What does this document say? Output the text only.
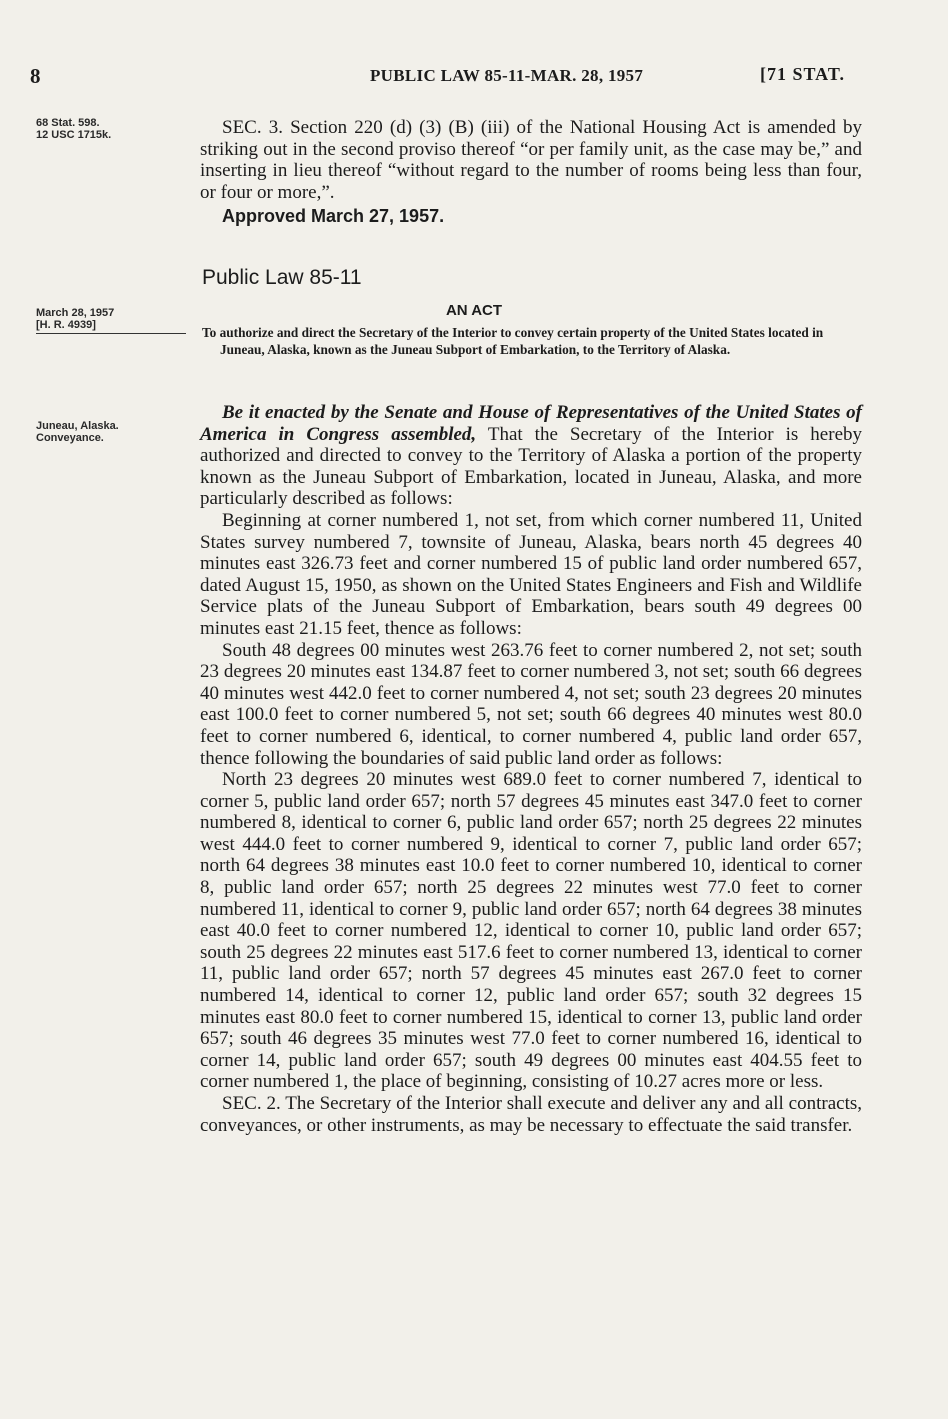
8	PUBLIC LAW 85-11-MAR. 28, 1957	[71 STAT.
68 Stat. 598.
12 USC 1715k.
March 28, 1957
[H. R. 4939]
Juneau, Alaska.
Conveyance.

SEC. 3. Section 220 (d) (3) (B) (iii) of the National Housing Act is amended by striking out in the second proviso thereof “or per family unit, as the case may be,” and inserting in lieu thereof “without regard to the number of rooms being less than four, or four or more,”.

Approved March 27, 1957.
Public Law 85-11
AN ACT
To authorize and direct the Secretary of the Interior to convey certain property of the United States located in Juneau, Alaska, known as the Juneau Subport of Embarkation, to the Territory of Alaska.

Be it enacted by the Senate and House of Representatives of the United States of America in Congress assembled, That the Secretary of the Interior is hereby authorized and directed to convey to the Territory of Alaska a portion of the property known as the Juneau Subport of Embarkation, located in Juneau, Alaska, and more particularly described as follows:

Beginning at corner numbered 1, not set, from which corner numbered 11, United States survey numbered 7, townsite of Juneau, Alaska, bears north 45 degrees 40 minutes east 326.73 feet and corner numbered 15 of public land order numbered 657, dated August 15, 1950, as shown on the United States Engineers and Fish and Wildlife Service plats of the Juneau Subport of Embarkation, bears south 49 degrees 00 minutes east 21.15 feet, thence as follows:

South 48 degrees 00 minutes west 263.76 feet to corner numbered 2, not set; south 23 degrees 20 minutes east 134.87 feet to corner numbered 3, not set; south 66 degrees 40 minutes west 442.0 feet to corner numbered 4, not set; south 23 degrees 20 minutes east 100.0 feet to corner numbered 5, not set; south 66 degrees 40 minutes west 80.0 feet to corner numbered 6, identical, to corner numbered 4, public land order 657, thence following the boundaries of said public land order as follows:

North 23 degrees 20 minutes west 689.0 feet to corner numbered 7, identical to corner 5, public land order 657; north 57 degrees 45 minutes east 347.0 feet to corner numbered 8, identical to corner 6, public land order 657; north 25 degrees 22 minutes west 444.0 feet to corner numbered 9, identical to corner 7, public land order 657; north 64 degrees 38 minutes east 10.0 feet to corner numbered 10, identical to corner 8, public land order 657; north 25 degrees 22 minutes west 77.0 feet to corner numbered 11, identical to corner 9, public land order 657; north 64 degrees 38 minutes east 40.0 feet to corner numbered 12, identical to corner 10, public land order 657; south 25 degrees 22 minutes east 517.6 feet to corner numbered 13, identical to corner 11, public land order 657; north 57 degrees 45 minutes east 267.0 feet to corner numbered 14, identical to corner 12, public land order 657; south 32 degrees 15 minutes east 80.0 feet to corner numbered 15, identical to corner 13, public land order 657; south 46 degrees 35 minutes west 77.0 feet to corner numbered 16, identical to corner 14, public land order 657; south 49 degrees 00 minutes east 404.55 feet to corner numbered 1, the place of beginning, consisting of 10.27 acres more or less.

SEC. 2. The Secretary of the Interior shall execute and deliver any and all contracts, conveyances, or other instruments, as may be necessary to effectuate the said transfer.
